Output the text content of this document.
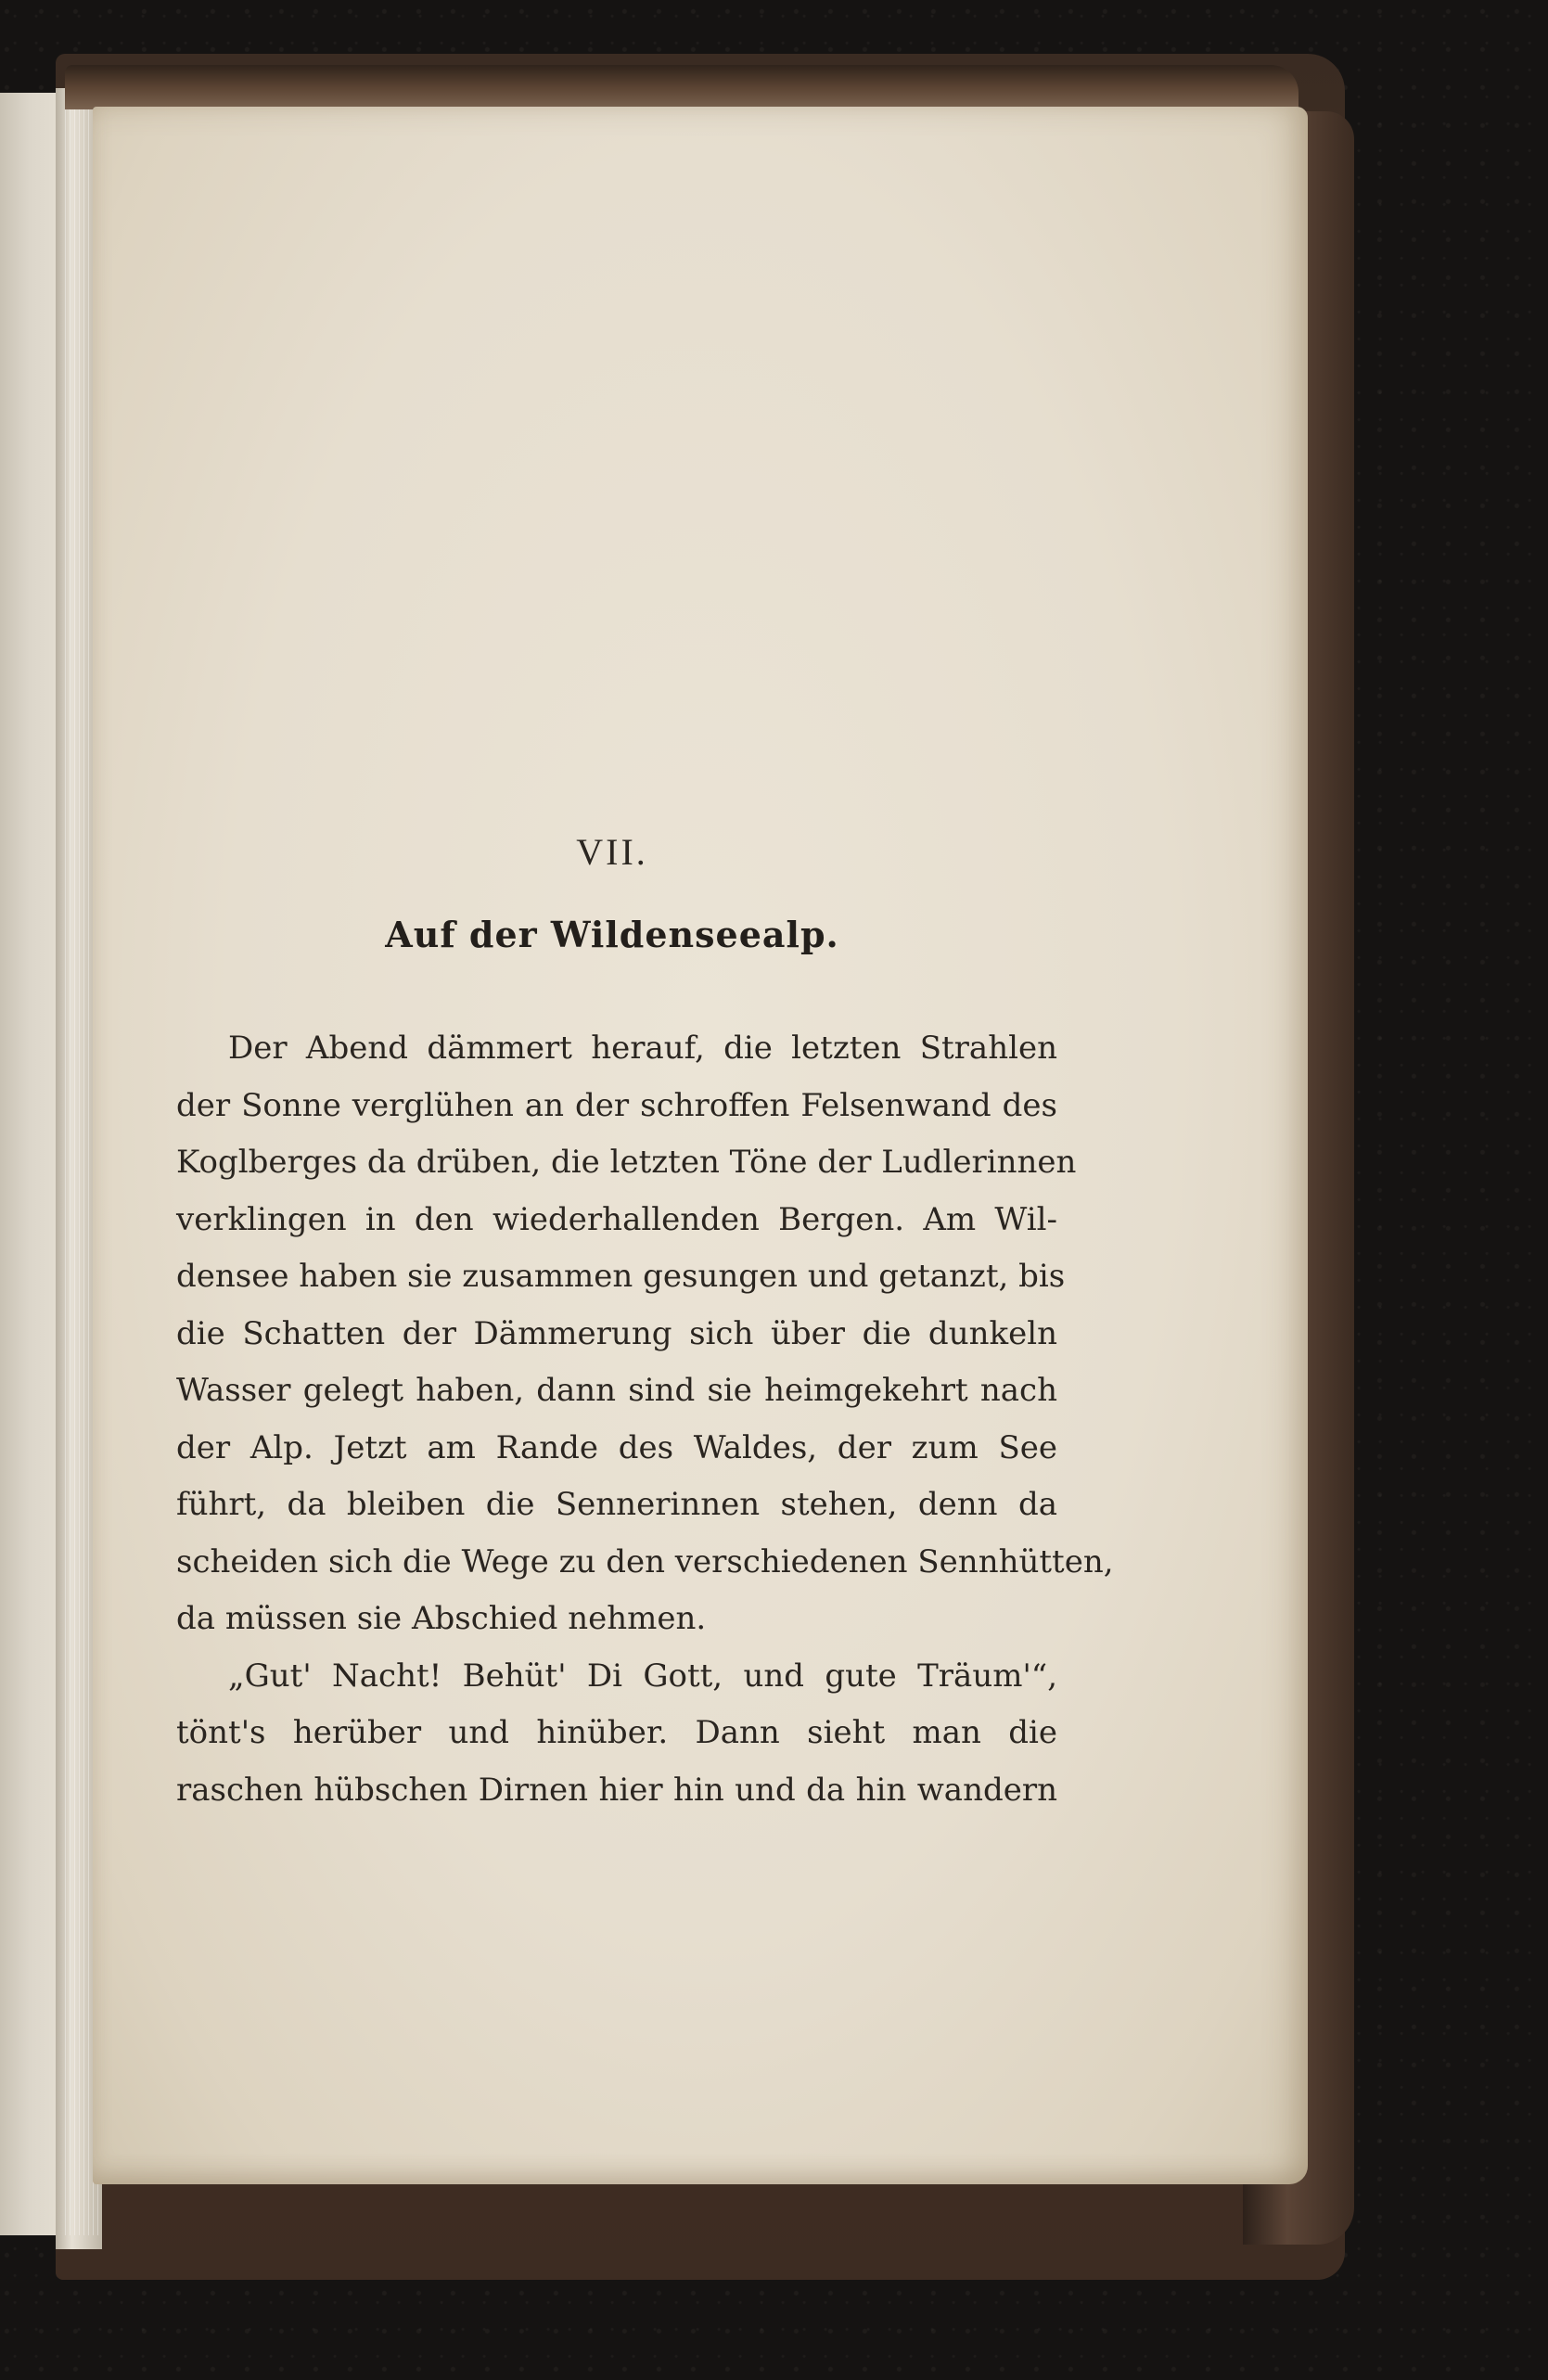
VII.
Auf der Wildenseealp.
Der Abend dämmert herauf, die letzten Strahlen
der Sonne verglühen an der schroffen Felsenwand des
Koglberges da drüben, die letzten Töne der Ludlerinnen
verklingen in den wiederhallenden Bergen. Am Wil-
densee haben sie zusammen gesungen und getanzt, bis
die Schatten der Dämmerung sich über die dunkeln
Wasser gelegt haben, dann sind sie heimgekehrt nach
der Alp. Jetzt am Rande des Waldes, der zum See
führt, da bleiben die Sennerinnen stehen, denn da
scheiden sich die Wege zu den verschiedenen Sennhütten,
da müssen sie Abschied nehmen.
„Gut' Nacht! Behüt' Di Gott, und gute Träum'“,
tönt's herüber und hinüber. Dann sieht man die
raschen hübschen Dirnen hier hin und da hin wandern
